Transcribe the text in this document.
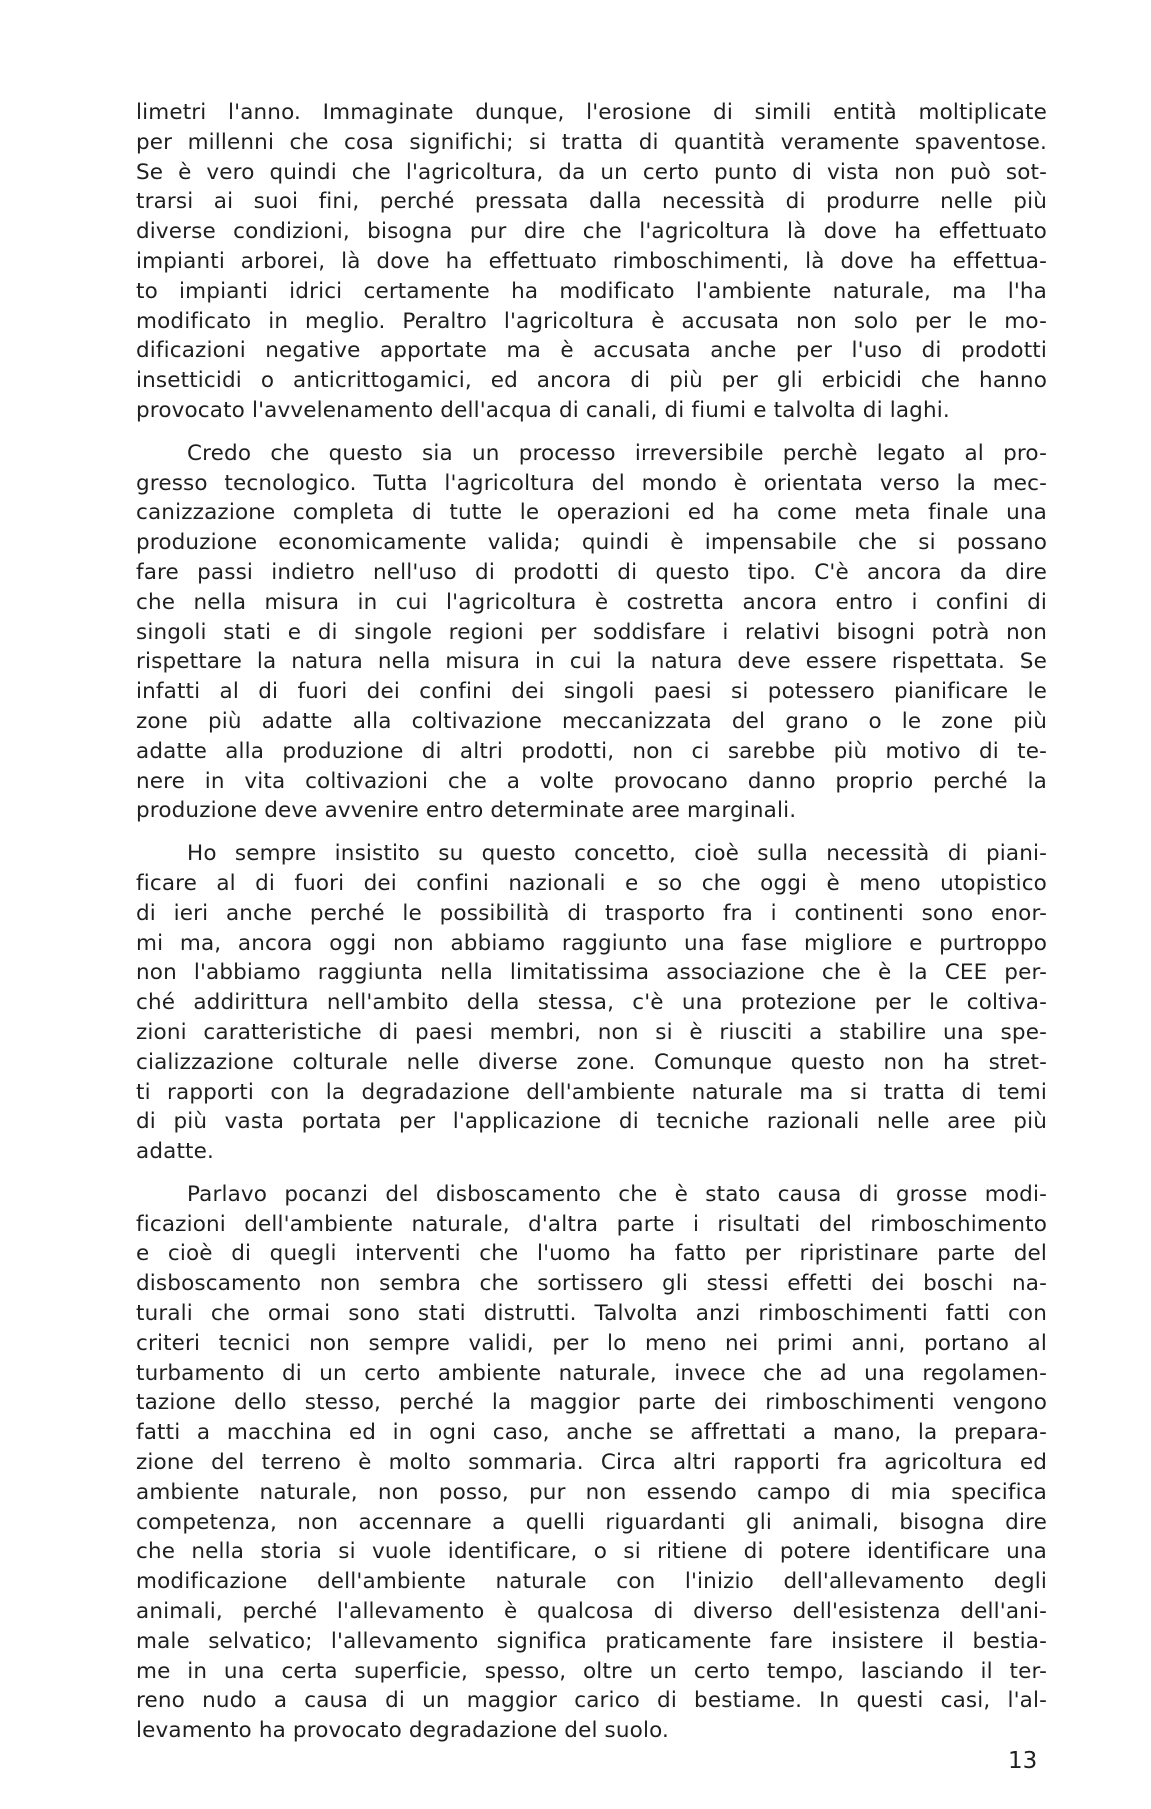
limetri l'anno. Immaginate dunque, l'erosione di simili entità moltiplicate
per millenni che cosa significhi; si tratta di quantità veramente spaventose.
Se è vero quindi che l'agricoltura, da un certo punto di vista non può sot-
trarsi ai suoi fini, perché pressata dalla necessità di produrre nelle più
diverse condizioni, bisogna pur dire che l'agricoltura là dove ha effettuato
impianti arborei, là dove ha effettuato rimboschimenti, là dove ha effettua-
to impianti idrici certamente ha modificato l'ambiente naturale, ma l'ha
modificato in meglio. Peraltro l'agricoltura è accusata non solo per le mo-
dificazioni negative apportate ma è accusata anche per l'uso di prodotti
insetticidi o anticrittogamici, ed ancora di più per gli erbicidi che hanno
provocato l'avvelenamento dell'acqua di canali, di fiumi e talvolta di laghi.
Credo che questo sia un processo irreversibile perchè legato al pro-
gresso tecnologico. Tutta l'agricoltura del mondo è orientata verso la mec-
canizzazione completa di tutte le operazioni ed ha come meta finale una
produzione economicamente valida; quindi è impensabile che si possano
fare passi indietro nell'uso di prodotti di questo tipo. C'è ancora da dire
che nella misura in cui l'agricoltura è costretta ancora entro i confini di
singoli stati e di singole regioni per soddisfare i relativi bisogni potrà non
rispettare la natura nella misura in cui la natura deve essere rispettata. Se
infatti al di fuori dei confini dei singoli paesi si potessero pianificare le
zone più adatte alla coltivazione meccanizzata del grano o le zone più
adatte alla produzione di altri prodotti, non ci sarebbe più motivo di te-
nere in vita coltivazioni che a volte provocano danno proprio perché la
produzione deve avvenire entro determinate aree marginali.
Ho sempre insistito su questo concetto, cioè sulla necessità di piani-
ficare al di fuori dei confini nazionali e so che oggi è meno utopistico
di ieri anche perché le possibilità di trasporto fra i continenti sono enor-
mi ma, ancora oggi non abbiamo raggiunto una fase migliore e purtroppo
non l'abbiamo raggiunta nella limitatissima associazione che è la CEE per-
ché addirittura nell'ambito della stessa, c'è una protezione per le coltiva-
zioni caratteristiche di paesi membri, non si è riusciti a stabilire una spe-
cializzazione colturale nelle diverse zone. Comunque questo non ha stret-
ti rapporti con la degradazione dell'ambiente naturale ma si tratta di temi
di più vasta portata per l'applicazione di tecniche razionali nelle aree più
adatte.
Parlavo pocanzi del disboscamento che è stato causa di grosse modi-
ficazioni dell'ambiente naturale, d'altra parte i risultati del rimboschimento
e cioè di quegli interventi che l'uomo ha fatto per ripristinare parte del
disboscamento non sembra che sortissero gli stessi effetti dei boschi na-
turali che ormai sono stati distrutti. Talvolta anzi rimboschimenti fatti con
criteri tecnici non sempre validi, per lo meno nei primi anni, portano al
turbamento di un certo ambiente naturale, invece che ad una regolamen-
tazione dello stesso, perché la maggior parte dei rimboschimenti vengono
fatti a macchina ed in ogni caso, anche se affrettati a mano, la prepara-
zione del terreno è molto sommaria. Circa altri rapporti fra agricoltura ed
ambiente naturale, non posso, pur non essendo campo di mia specifica
competenza, non accennare a quelli riguardanti gli animali, bisogna dire
che nella storia si vuole identificare, o si ritiene di potere identificare una
modificazione dell'ambiente naturale con l'inizio dell'allevamento degli
animali, perché l'allevamento è qualcosa di diverso dell'esistenza dell'ani-
male selvatico; l'allevamento significa praticamente fare insistere il bestia-
me in una certa superficie, spesso, oltre un certo tempo, lasciando il ter-
reno nudo a causa di un maggior carico di bestiame. In questi casi, l'al-
levamento ha provocato degradazione del suolo.
13
